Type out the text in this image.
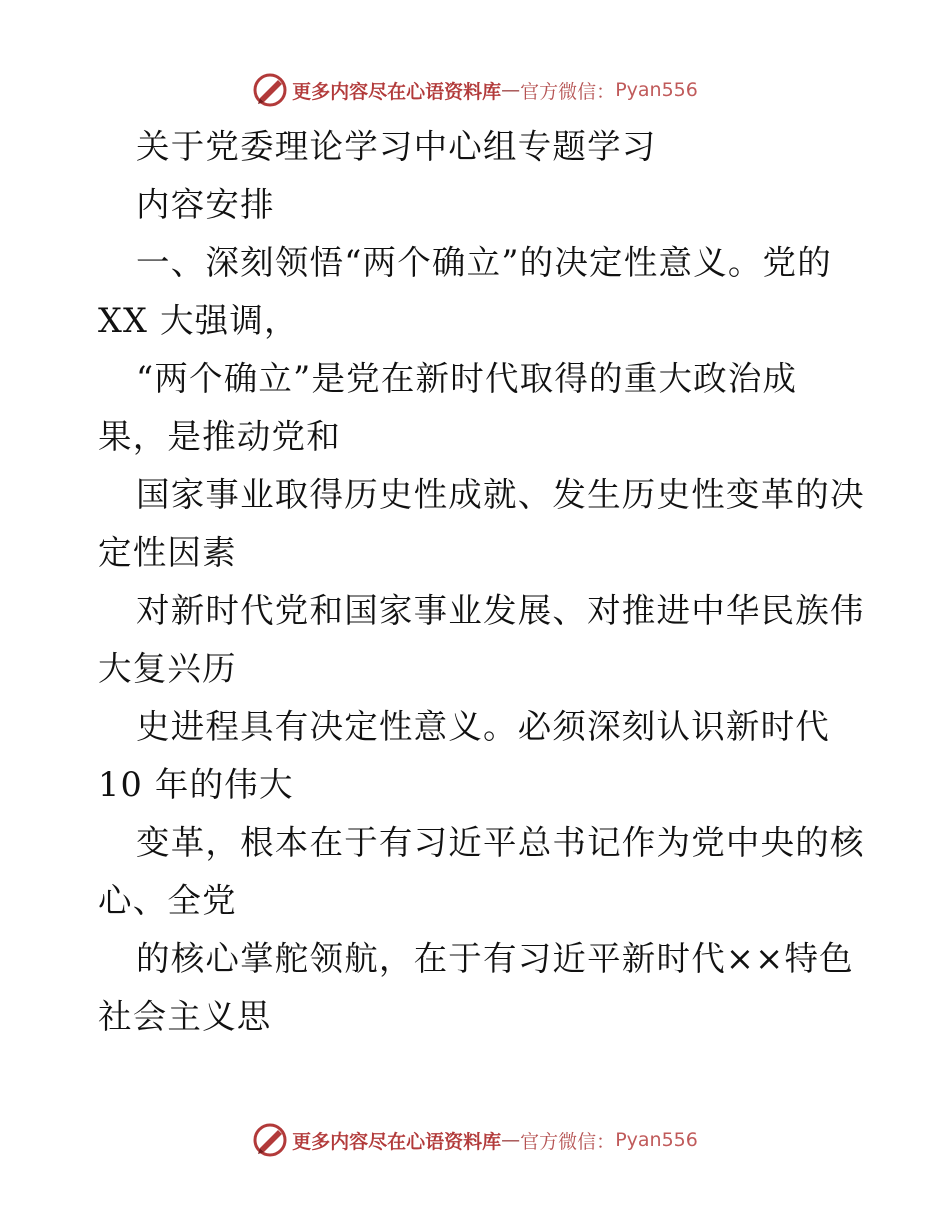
更多内容尽在心语资料库 — 官方微信： Pyan556
关于党委理论学习中心组专题学习
内容安排
一、深刻领悟“两个确立”的决定性意义。党的
XX 大强调，
“两个确立”是党在新时代取得的重大政治成
果，是推动党和
国家事业取得历史性成就、发生历史性变革的决
定性因素
对新时代党和国家事业发展、对推进中华民族伟
大复兴历
史进程具有决定性意义。必须深刻认识新时代
10 年的伟大
变革，根本在于有习近平总书记作为党中央的核
心、全党
的核心掌舵领航，在于有习近平新时代××特色
社会主义思
更多内容尽在心语资料库 — 官方微信： Pyan556
